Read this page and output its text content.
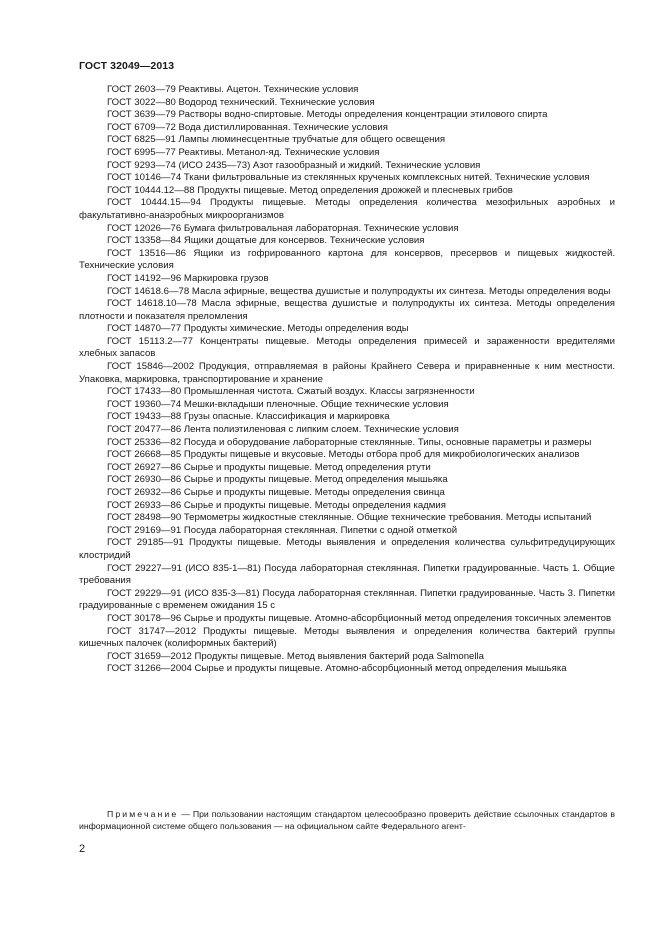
ГОСТ 32049—2013

ГОСТ 2603—79 Реактивы. Ацетон. Технические условия

ГОСТ 3022—80 Водород технический. Технические условия

ГОСТ 3639—79 Растворы водно-спиртовые. Методы определения концентрации этилового спирта

ГОСТ 6709—72 Вода дистиллированная. Технические условия

ГОСТ 6825—91 Лампы люминесцентные трубчатые для общего освещения

ГОСТ 6995—77 Реактивы. Метанол-яд. Технические условия

ГОСТ 9293—74 (ИСО 2435—73) Азот газообразный и жидкий. Технические условия

ГОСТ 10146—74 Ткани фильтровальные из стеклянных крученых комплексных нитей. Технические условия

ГОСТ 10444.12—88 Продукты пищевые. Метод определения дрожжей и плесневых грибов

ГОСТ 10444.15—94 Продукты пищевые. Методы определения количества мезофильных аэробных и факультативно-анаэробных микроорганизмов

ГОСТ 12026—76 Бумага фильтровальная лабораторная. Технические условия

ГОСТ 13358—84 Ящики дощатые для консервов. Технические условия

ГОСТ 13516—86 Ящики из гофрированного картона для консервов, пресервов и пищевых жидкостей. Технические условия

ГОСТ 14192—96 Маркировка грузов

ГОСТ 14618.6—78 Масла эфирные, вещества душистые и полупродукты их синтеза. Методы определения воды

ГОСТ 14618.10—78 Масла эфирные, вещества душистые и полупродукты их синтеза. Методы определения плотности и показателя преломления

ГОСТ 14870—77 Продукты химические. Методы определения воды

ГОСТ 15113.2—77 Концентраты пищевые. Методы определения примесей и зараженности вредителями хлебных запасов

ГОСТ 15846—2002 Продукция, отправляемая в районы Крайнего Севера и приравненные к ним местности. Упаковка, маркировка, транспортирование и хранение

ГОСТ 17433—80 Промышленная чистота. Сжатый воздух. Классы загрязненности

ГОСТ 19360—74 Мешки-вкладыши пленочные. Общие технические условия

ГОСТ 19433—88 Грузы опасные. Классификация и маркировка

ГОСТ 20477—86 Лента полиэтиленовая с липким слоем. Технические условия

ГОСТ 25336—82 Посуда и оборудование лабораторные стеклянные. Типы, основные параметры и размеры

ГОСТ 26668—85 Продукты пищевые и вкусовые. Методы отбора проб для микробиологических анализов

ГОСТ 26927—86 Сырье и продукты пищевые. Метод определения ртути

ГОСТ 26930—86 Сырье и продукты пищевые. Метод определения мышьяка

ГОСТ 26932—86 Сырье и продукты пищевые. Методы определения свинца

ГОСТ 26933—86 Сырье и продукты пищевые. Методы определения кадмия

ГОСТ 28498—90 Термометры жидкостные стеклянные. Общие технические требования. Методы испытаний

ГОСТ 29169—91 Посуда лабораторная стеклянная. Пипетки с одной отметкой

ГОСТ 29185—91 Продукты пищевые. Методы выявления и определения количества сульфитредуцирующих клостридий

ГОСТ 29227—91 (ИСО 835-1—81) Посуда лабораторная стеклянная. Пипетки градуированные. Часть 1. Общие требования

ГОСТ 29229—91 (ИСО 835-3—81) Посуда лабораторная стеклянная. Пипетки градуированные. Часть 3. Пипетки градуированные с временем ожидания 15 с

ГОСТ 30178—96 Сырье и продукты пищевые. Атомно-абсорбционный метод определения токсичных элементов

ГОСТ 31747—2012 Продукты пищевые. Методы выявления и определения количества бактерий группы кишечных палочек (колиформных бактерий)

ГОСТ 31659—2012 Продукты пищевые. Метод выявления бактерий рода Salmonella

ГОСТ 31266—2004 Сырье и продукты пищевые. Атомно-абсорбционный метод определения мышьяка

Примечание — При пользовании настоящим стандартом целесообразно проверить действие ссылочных стандартов в информационной системе общего пользования — на официальном сайте Федерального агент-
2
